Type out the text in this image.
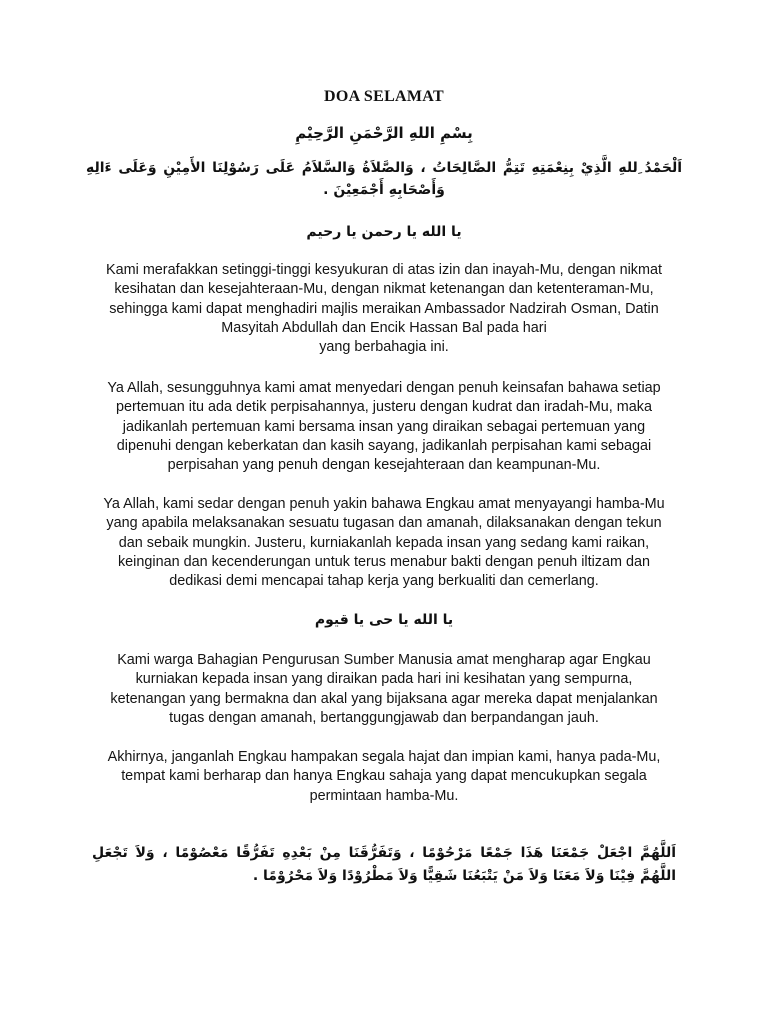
DOA SELAMAT
بِسْمِ اللهِ الرَّحْمَنِ الرَّحِيْمِ
اَلْحَمْدُ ِللهِ الَّذِيْ بِنِعْمَتِهِ تَتِمُّ الصَّالِحَاتُ ، وَالصَّلاَةُ وَالسَّلاَمُ عَلَى رَسُوْلِنَا الأَمِيْنِ وَعَلَى ءَالِهِ وَأَصْحَابِهِ أَجْمَعِيْنَ .
يا الله يا رحمن يا رحيم
Kami merafakkan setinggi-tinggi kesyukuran di atas izin dan inayah-Mu, dengan nikmat
kesihatan dan kesejahteraan-Mu, dengan nikmat ketenangan dan ketenteraman-Mu,
sehingga kami dapat menghadiri majlis meraikan Ambassador Nadzirah Osman, Datin
Masyitah Abdullah dan Encik Hassan Bal pada hari
yang berbahagia ini.
Ya Allah, sesungguhnya kami amat menyedari dengan penuh keinsafan bahawa setiap
pertemuan itu ada detik perpisahannya, justeru dengan kudrat dan iradah-Mu, maka
jadikanlah pertemuan kami bersama insan yang diraikan sebagai pertemuan yang
dipenuhi dengan keberkatan dan kasih sayang, jadikanlah perpisahan kami sebagai
perpisahan yang penuh dengan kesejahteraan dan keampunan-Mu.
Ya Allah, kami sedar dengan penuh yakin bahawa Engkau amat menyayangi hamba-Mu
yang apabila melaksanakan sesuatu tugasan dan amanah, dilaksanakan dengan tekun
dan sebaik mungkin. Justeru, kurniakanlah kepada insan yang sedang kami raikan,
keinginan dan kecenderungan untuk terus menabur bakti dengan penuh iltizam dan
dedikasi demi mencapai tahap kerja yang berkualiti dan cemerlang.
يا الله يا حى يا قيوم
Kami warga Bahagian Pengurusan Sumber Manusia amat mengharap agar Engkau
kurniakan kepada insan yang diraikan pada hari ini kesihatan yang sempurna,
ketenangan yang bermakna dan akal yang bijaksana agar mereka dapat menjalankan
tugas dengan amanah, bertanggungjawab dan berpandangan jauh.
Akhirnya, janganlah Engkau hampakan segala hajat dan impian kami, hanya pada-Mu,
tempat kami berharap dan hanya Engkau sahaja yang dapat mencukupkan segala
permintaan hamba-Mu.
اَللَّهُمَّ اجْعَلْ جَمْعَنَا هَذَا جَمْعًا مَرْحُوْمًا ، وَتَفَرُّقَنَا مِنْ بَعْدِهِ تَفَرُّقًا مَعْصُوْمًا ، وَلاَ تَجْعَلِ اللَّهُمَّ فِيْنَا وَلاَ مَعَنَا وَلاَ مَنْ يَتْبَعُنَا شَقِيًّا وَلاَ مَطْرُوْدًا وَلاَ مَحْرُوْمًا .
